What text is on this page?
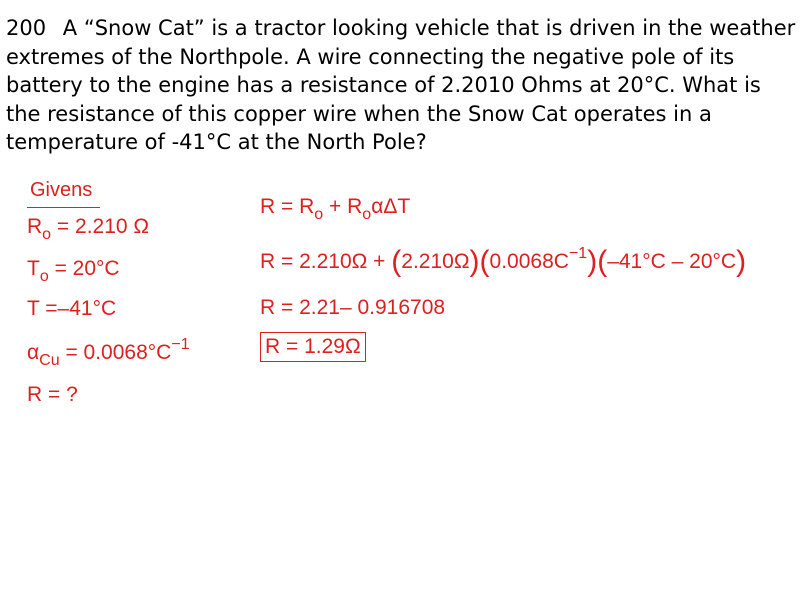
200 A “Snow Cat” is a tractor looking vehicle that is driven in the weather extremes of the Northpole. A wire connecting the negative pole of its battery to the engine has a resistance of 2.2010 Ohms at 20°C. What is the resistance of this copper wire when the Snow Cat operates in a temperature of -41°C at the North Pole?

Givens
$R_o = 2.210$ Ω
$T_o = 20^\circ C$
T =–41°C
$\alpha_{Cu} = 0.0068^\circ C^{-1}$
R = ?
$R = R_o + R_o\alpha\Delta T$
$R = 2.210\Omega + (2.210\Omega)(0.0068C^{-1})(-41^\circ C - 20^\circ C)$
R = 2.21– 0.916708
R = 1.29Ω
